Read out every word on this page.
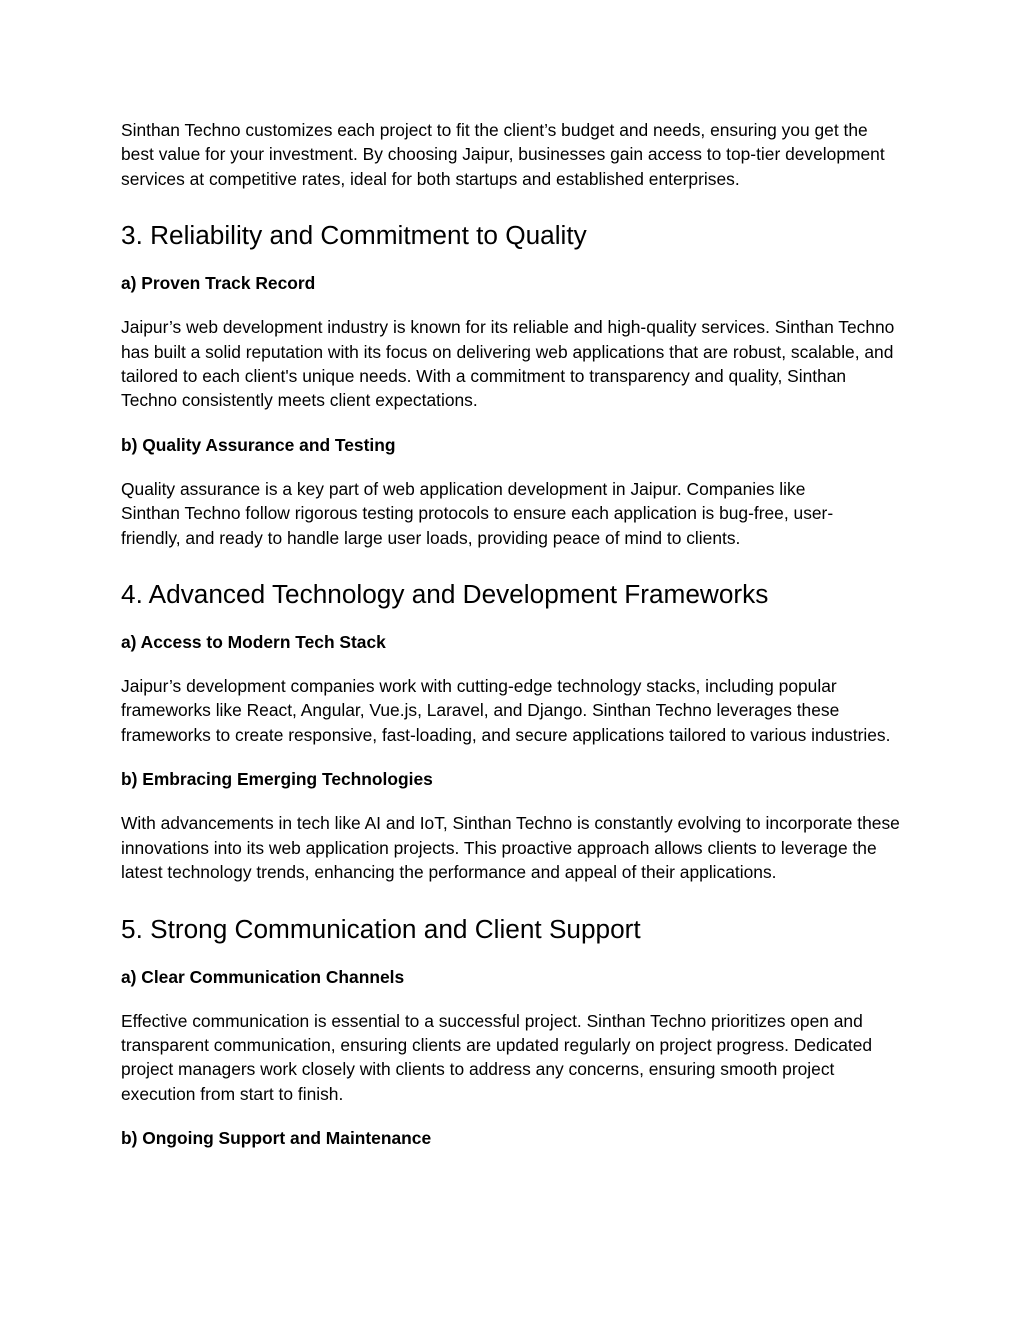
Sinthan Techno customizes each project to fit the client’s budget and needs, ensuring you get the best value for your investment. By choosing Jaipur, businesses gain access to top-tier development services at competitive rates, ideal for both startups and established enterprises.

3. Reliability and Commitment to Quality
a) Proven Track Record

Jaipur’s web development industry is known for its reliable and high-quality services. Sinthan Techno has built a solid reputation with its focus on delivering web applications that are robust, scalable, and tailored to each client's unique needs. With a commitment to transparency and quality, Sinthan Techno consistently meets client expectations.

b) Quality Assurance and Testing

Quality assurance is a key part of web application development in Jaipur. Companies like Sinthan Techno follow rigorous testing protocols to ensure each application is bug-free, user-friendly, and ready to handle large user loads, providing peace of mind to clients.

4. Advanced Technology and Development Frameworks
a) Access to Modern Tech Stack

Jaipur’s development companies work with cutting-edge technology stacks, including popular frameworks like React, Angular, Vue.js, Laravel, and Django. Sinthan Techno leverages these frameworks to create responsive, fast-loading, and secure applications tailored to various industries.

b) Embracing Emerging Technologies

With advancements in tech like AI and IoT, Sinthan Techno is constantly evolving to incorporate these innovations into its web application projects. This proactive approach allows clients to leverage the latest technology trends, enhancing the performance and appeal of their applications.

5. Strong Communication and Client Support
a) Clear Communication Channels

Effective communication is essential to a successful project. Sinthan Techno prioritizes open and transparent communication, ensuring clients are updated regularly on project progress. Dedicated project managers work closely with clients to address any concerns, ensuring smooth project execution from start to finish.

b) Ongoing Support and Maintenance
